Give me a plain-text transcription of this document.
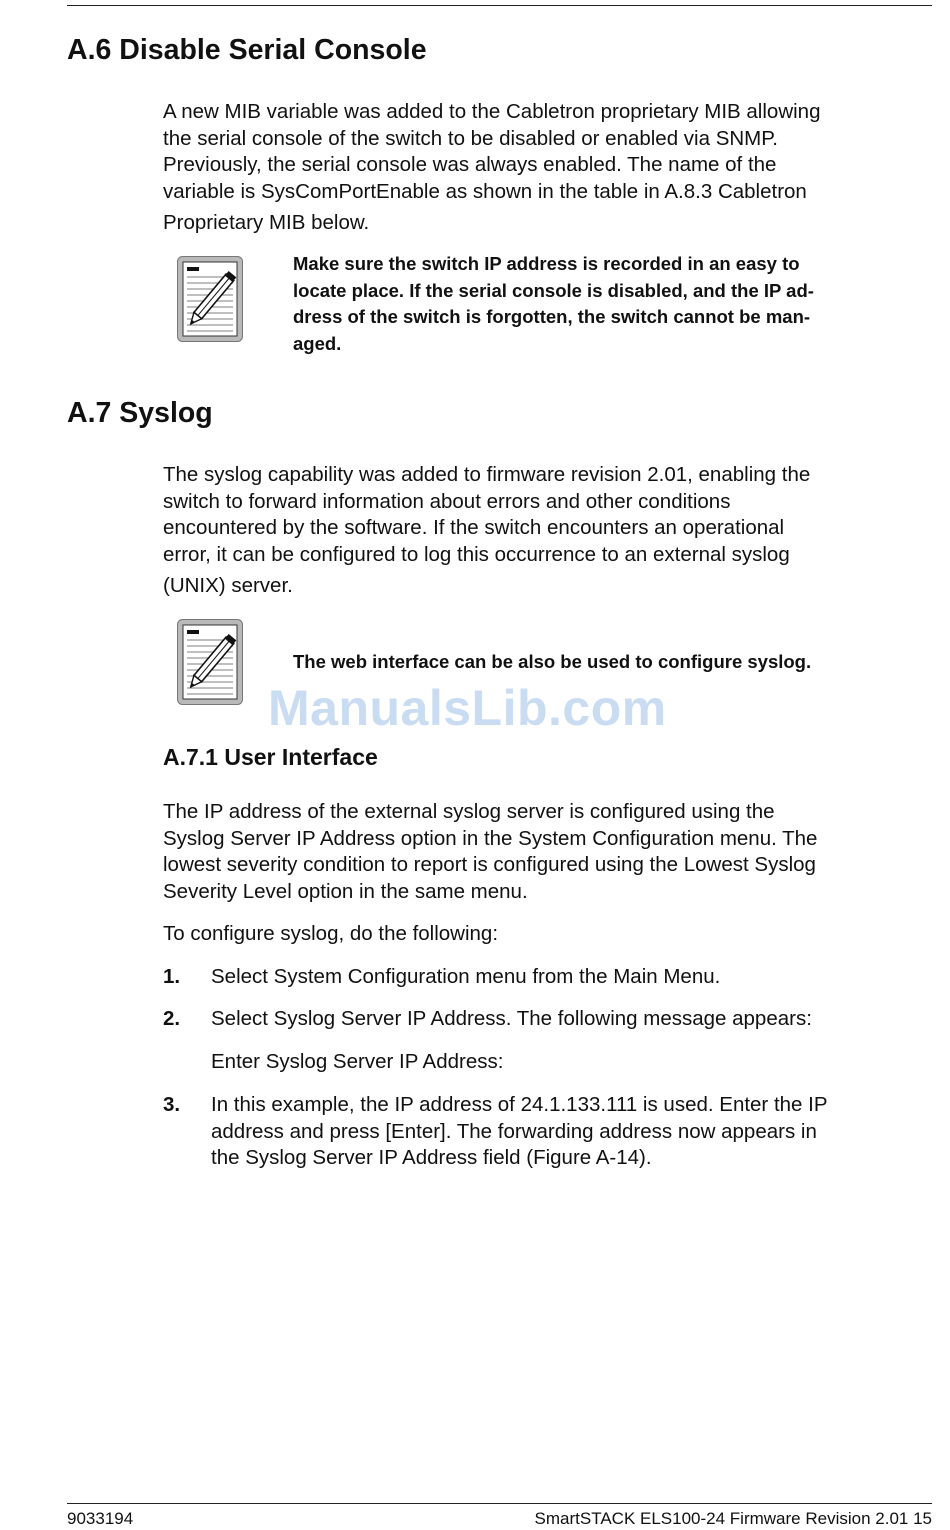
A.6 Disable Serial Console
A new MIB variable was added to the Cabletron proprietary MIB allowing
the serial console of the switch to be disabled or enabled via SNMP.
Previously, the serial console was always enabled. The name of the
variable is SysComPortEnable as shown in the table in A.8.3 Cabletron
Proprietary MIB below.
Make sure the switch IP address is recorded in an easy to
locate place. If the serial console is disabled, and the IP ad-
dress of the switch is forgotten, the switch cannot be man-
aged.
A.7 Syslog
The syslog capability was added to firmware revision 2.01, enabling the
switch to forward information about errors and other conditions
encountered by the software. If the switch encounters an operational
error, it can be configured to log this occurrence to an external syslog
(UNIX) server.
The web interface can be also be used to configure syslog.
ManualsLib.com
A.7.1 User Interface
The IP address of the external syslog server is configured using the
Syslog Server IP Address option in the System Configuration menu. The
lowest severity condition to report is configured using the Lowest Syslog
Severity Level option in the same menu.
To configure syslog, do the following:
1. Select System Configuration menu from the Main Menu.
2. Select Syslog Server IP Address. The following message appears:
Enter Syslog Server IP Address:
3. In this example, the IP address of 24.1.133.111 is used. Enter the IP
address and press [Enter]. The forwarding address now appears in
the Syslog Server IP Address field (Figure A-14).
9033194	SmartSTACK ELS100-24 Firmware Revision 2.01 15
